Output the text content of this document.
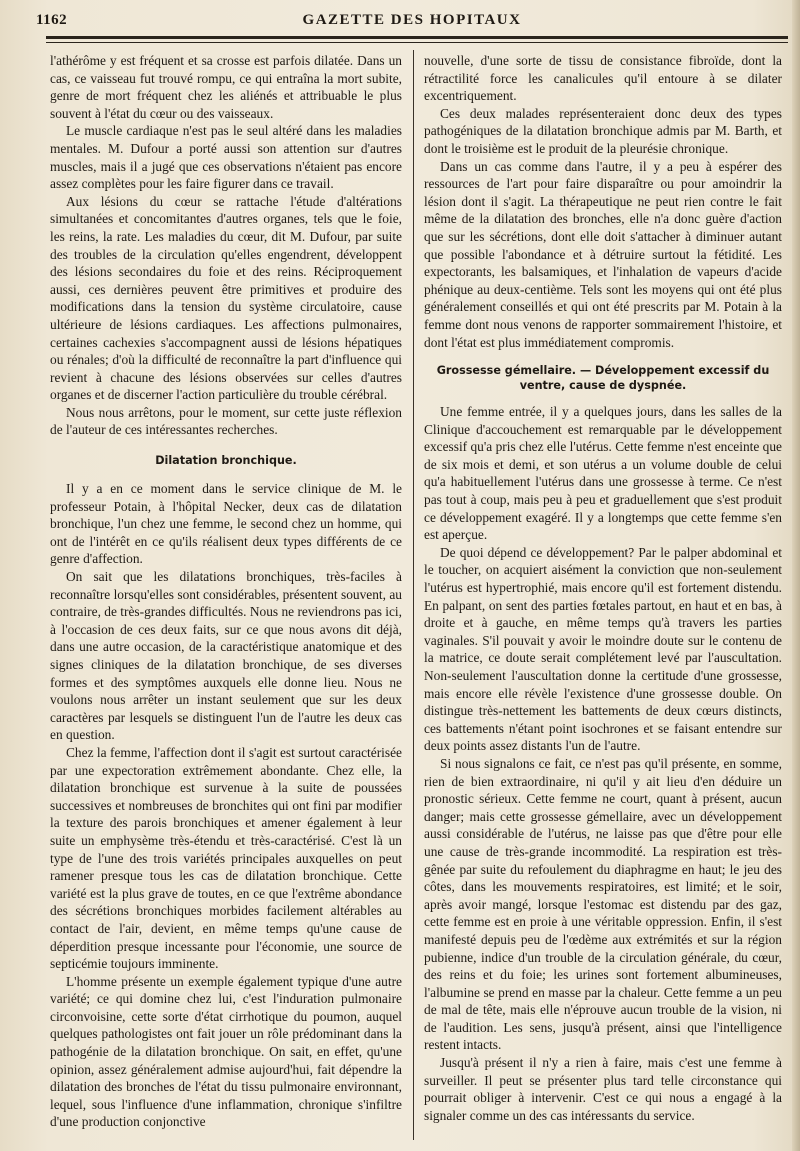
1162	GAZETTE DES HOPITAUX

l'athérôme y est fréquent et sa crosse est parfois dilatée. Dans un cas, ce vaisseau fut trouvé rompu, ce qui entraîna la mort subite, genre de mort fréquent chez les aliénés et attribuable le plus souvent à l'état du cœur ou des vaisseaux.

Le muscle cardiaque n'est pas le seul altéré dans les maladies mentales. M. Dufour a porté aussi son attention sur d'autres muscles, mais il a jugé que ces observations n'étaient pas encore assez complètes pour les faire figurer dans ce travail.

Aux lésions du cœur se rattache l'étude d'altérations simultanées et concomitantes d'autres organes, tels que le foie, les reins, la rate. Les maladies du cœur, dit M. Dufour, par suite des troubles de la circulation qu'elles engendrent, développent des lésions secondaires du foie et des reins. Réciproquement aussi, ces dernières peuvent être primitives et produire des modifications dans la tension du système circulatoire, cause ultérieure de lésions cardiaques. Les affections pulmonaires, certaines cachexies s'accompagnent aussi de lésions hépatiques ou rénales; d'où la difficulté de reconnaître la part d'influence qui revient à chacune des lésions observées sur celles d'autres organes et de discerner l'action particulière du trouble cérébral.

Nous nous arrêtons, pour le moment, sur cette juste réflexion de l'auteur de ces intéressantes recherches.

Dilatation bronchique.

Il y a en ce moment dans le service clinique de M. le professeur Potain, à l'hôpital Necker, deux cas de dilatation bronchique, l'un chez une femme, le second chez un homme, qui ont de l'intérêt en ce qu'ils réalisent deux types différents de ce genre d'affection.

On sait que les dilatations bronchiques, très-faciles à reconnaître lorsqu'elles sont considérables, présentent souvent, au contraire, de très-grandes difficultés. Nous ne reviendrons pas ici, à l'occasion de ces deux faits, sur ce que nous avons dit déjà, dans une autre occasion, de la caractéristique anatomique et des signes cliniques de la dilatation bronchique, de ses diverses formes et des symptômes auxquels elle donne lieu. Nous ne voulons nous arrêter un instant seulement que sur les deux caractères par lesquels se distinguent l'un de l'autre les deux cas en question.

Chez la femme, l'affection dont il s'agit est surtout caractérisée par une expectoration extrêmement abondante. Chez elle, la dilatation bronchique est survenue à la suite de poussées successives et nombreuses de bronchites qui ont fini par modifier la texture des parois bronchiques et amener également à leur suite un emphysème très-étendu et très-caractérisé. C'est là un type de l'une des trois variétés principales auxquelles on peut ramener presque tous les cas de dilatation bronchique. Cette variété est la plus grave de toutes, en ce que l'extrême abondance des sécrétions bronchiques morbides facilement altérables au contact de l'air, devient, en même temps qu'une cause de déperdition presque incessante pour l'économie, une source de septicémie toujours imminente.

L'homme présente un exemple également typique d'une autre variété; ce qui domine chez lui, c'est l'induration pulmonaire circonvoisine, cette sorte d'état cirrhotique du poumon, auquel quelques pathologistes ont fait jouer un rôle prédominant dans la pathogénie de la dilatation bronchique. On sait, en effet, qu'une opinion, assez généralement admise aujourd'hui, fait dépendre la dilatation des bronches de l'état du tissu pulmonaire environnant, lequel, sous l'influence d'une inflammation, chronique s'infiltre d'une production conjonctive

nouvelle, d'une sorte de tissu de consistance fibroïde, dont la rétractilité force les canalicules qu'il entoure à se dilater excentriquement.

Ces deux malades représenteraient donc deux des types pathogéniques de la dilatation bronchique admis par M. Barth, et dont le troisième est le produit de la pleurésie chronique.

Dans un cas comme dans l'autre, il y a peu à espérer des ressources de l'art pour faire disparaître ou pour amoindrir la lésion dont il s'agit. La thérapeutique ne peut rien contre le fait même de la dilatation des bronches, elle n'a donc guère d'action que sur les sécrétions, dont elle doit s'attacher à diminuer autant que possible l'abondance et à détruire surtout la fétidité. Les expectorants, les balsamiques, et l'inhalation de vapeurs d'acide phénique au deux-centième. Tels sont les moyens qui ont été plus généralement conseillés et qui ont été prescrits par M. Potain à la femme dont nous venons de rapporter sommairement l'histoire, et dont l'état est plus immédiatement compromis.

Grossesse gémellaire. — Développement excessif du ventre, cause de dyspnée.

Une femme entrée, il y a quelques jours, dans les salles de la Clinique d'accouchement est remarquable par le développement excessif qu'a pris chez elle l'utérus. Cette femme n'est enceinte que de six mois et demi, et son utérus a un volume double de celui qu'a habituellement l'utérus dans une grossesse à terme. Ce n'est pas tout à coup, mais peu à peu et graduellement que s'est produit ce développement exagéré. Il y a longtemps que cette femme s'en est aperçue.

De quoi dépend ce développement? Par le palper abdominal et le toucher, on acquiert aisément la conviction que non-seulement l'utérus est hypertrophié, mais encore qu'il est fortement distendu. En palpant, on sent des parties fœtales partout, en haut et en bas, à droite et à gauche, en même temps qu'à travers les parties vaginales. S'il pouvait y avoir le moindre doute sur le contenu de la matrice, ce doute serait complétement levé par l'auscultation. Non-seulement l'auscultation donne la certitude d'une grossesse, mais encore elle révèle l'existence d'une grossesse double. On distingue très-nettement les battements de deux cœurs distincts, ces battements n'étant point isochrones et se faisant entendre sur deux points assez distants l'un de l'autre.

Si nous signalons ce fait, ce n'est pas qu'il présente, en somme, rien de bien extraordinaire, ni qu'il y ait lieu d'en déduire un pronostic sérieux. Cette femme ne court, quant à présent, aucun danger; mais cette grossesse gémellaire, avec un développement aussi considérable de l'utérus, ne laisse pas que d'être pour elle une cause de très-grande incommodité. La respiration est très-gênée par suite du refoulement du diaphragme en haut; le jeu des côtes, dans les mouvements respiratoires, est limité; et le soir, après avoir mangé, lorsque l'estomac est distendu par des gaz, cette femme est en proie à une véritable oppression. Enfin, il s'est manifesté depuis peu de l'œdème aux extrémités et sur la région pubienne, indice d'un trouble de la circulation générale, du cœur, des reins et du foie; les urines sont fortement albumineuses, l'albumine se prend en masse par la chaleur. Cette femme a un peu de mal de tête, mais elle n'éprouve aucun trouble de la vision, ni de l'audition. Les sens, jusqu'à présent, ainsi que l'intelligence restent intacts.

Jusqu'à présent il n'y a rien à faire, mais c'est une femme à surveiller. Il peut se présenter plus tard telle circonstance qui pourrait obliger à intervenir. C'est ce qui nous a engagé à la signaler comme un des cas intéressants du service.
